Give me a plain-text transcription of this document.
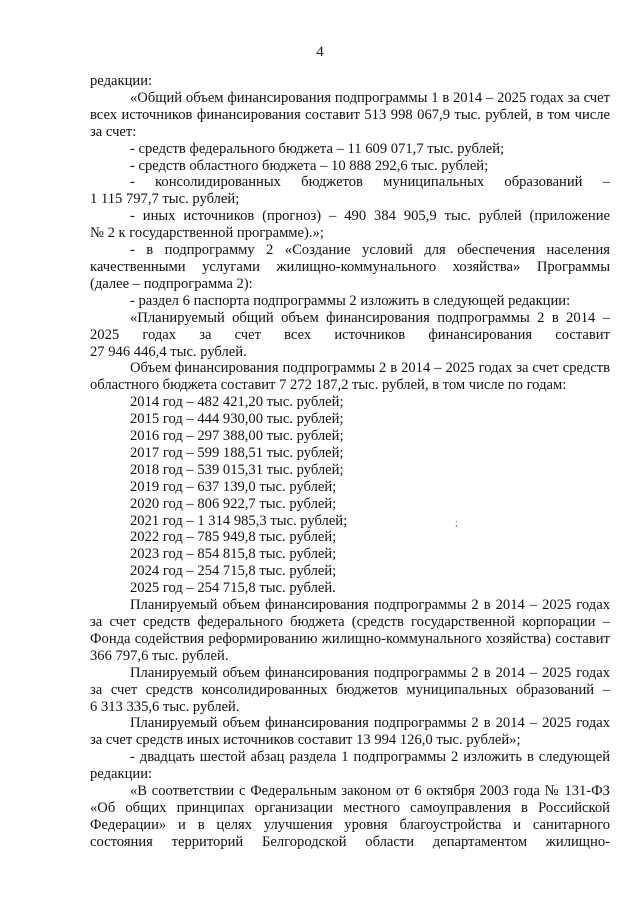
4

редакции:

«Общий объем финансирования подпрограммы 1 в 2014 – 2025 годах за счет

всех источников финансирования составит 513 998 067,9 тыс. рублей, в том числе

за счет:

- средств федерального бюджета – 11 609 071,7 тыс. рублей;

- средств областного бюджета – 10 888 292,6 тыс. рублей;

- консолидированных бюджетов муниципальных образований –

1 115 797,7 тыс. рублей;

- иных источников (прогноз) – 490 384 905,9 тыс. рублей (приложение

№ 2 к государственной программе).»;

- в подпрограмму 2 «Создание условий для обеспечения населения

качественными услугами жилищно-коммунального хозяйства» Программы

(далее – подпрограмма 2):

- раздел 6 паспорта подпрограммы 2 изложить в следующей редакции:

«Планируемый общий объем финансирования подпрограммы 2 в 2014 –

2025 годах за счет всех источников финансирования составит

27 946 446,4 тыс. рублей.

Объем финансирования подпрограммы 2 в 2014 – 2025 годах за счет средств

областного бюджета составит 7 272 187,2 тыс. рублей, в том числе по годам:

2014 год – 482 421,20 тыс. рублей;
2015 год – 444 930,00 тыс. рублей;
2016 год – 297 388,00 тыс. рублей;
2017 год – 599 188,51 тыс. рублей;
2018 год – 539 015,31 тыс. рублей;
2019 год – 637 139,0 тыс. рублей;
2020 год – 806 922,7 тыс. рублей;
2021 год – 1 314 985,3 тыс. рублей;
2022 год – 785 949,8 тыс. рублей;
2023 год – 854 815,8 тыс. рублей;
2024 год – 254 715,8 тыс. рублей;
2025 год – 254 715,8 тыс. рублей.

Планируемый объем финансирования подпрограммы 2 в 2014 – 2025 годах

за счет средств федерального бюджета (средств государственной корпорации –

Фонда содействия реформированию жилищно-коммунального хозяйства) составит

366 797,6 тыс. рублей.

Планируемый объем финансирования подпрограммы 2 в 2014 – 2025 годах

за счет средств консолидированных бюджетов муниципальных образований –

6 313 335,6 тыс. рублей.

Планируемый объем финансирования подпрограммы 2 в 2014 – 2025 годах

за счет средств иных источников составит 13 994 126,0 тыс. рублей»;

- двадцать шестой абзац раздела 1 подпрограммы 2 изложить в следующей

редакции:

«В соответствии с Федеральным законом от 6 октября 2003 года № 131-ФЗ

«Об общих принципах организации местного самоуправления в Российской

Федерации» и в целях улучшения уровня благоустройства и санитарного

состояния территорий Белгородской области департаментом жилищно-

;
